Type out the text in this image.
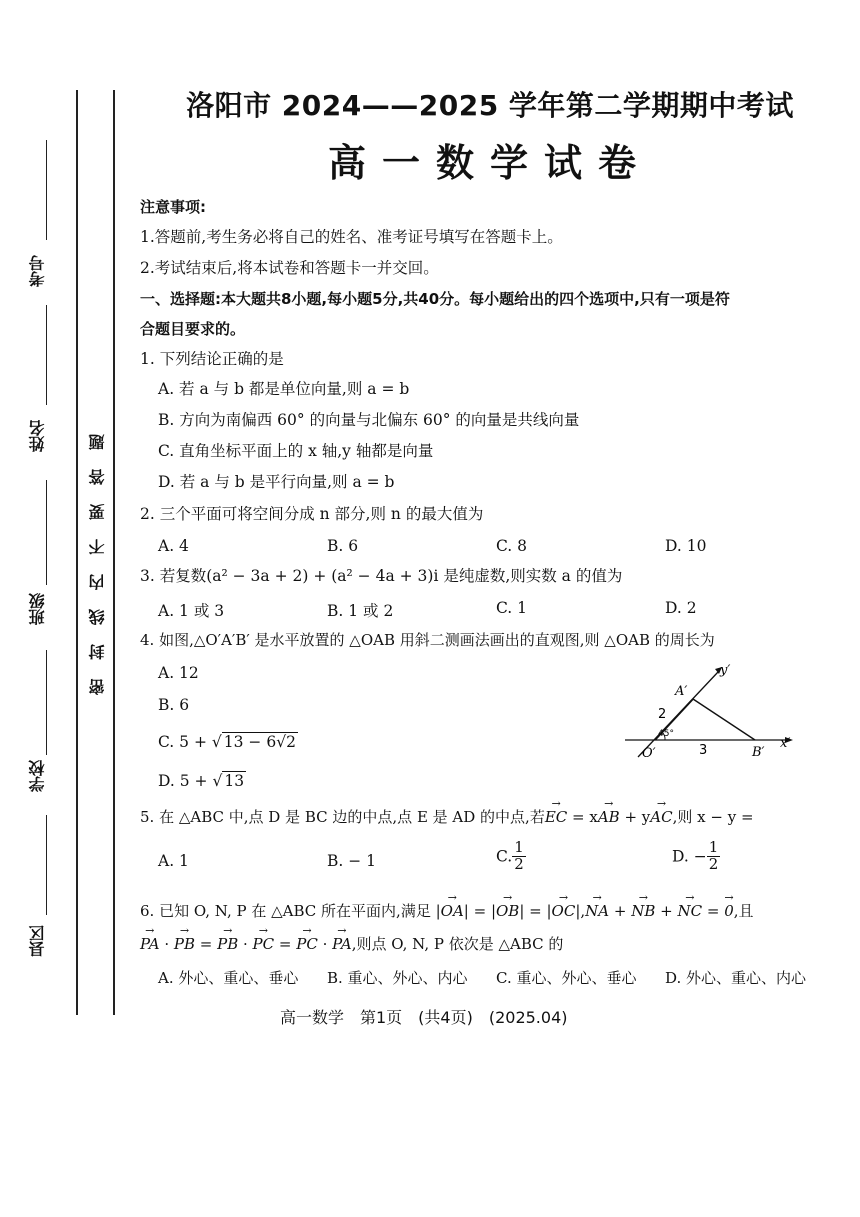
考号
姓名
班级
学校
县区
密封线内不要答题
洛阳市 2024——2025 学年第二学期期中考试
高一数学试卷
注意事项:
1.答题前,考生务必将自己的姓名、准考证号填写在答题卡上。
2.考试结束后,将本试卷和答题卡一并交回。
一、选择题:本大题共8小题,每小题5分,共40分。每小题给出的四个选项中,只有一项是符
合题目要求的。
1. 下列结论正确的是
A. 若 a 与 b 都是单位向量,则 a = b
B. 方向为南偏西 60° 的向量与北偏东 60° 的向量是共线向量
C. 直角坐标平面上的 x 轴,y 轴都是向量
D. 若 a 与 b 是平行向量,则 a = b
2. 三个平面可将空间分成 n 部分,则 n 的最大值为
A. 4	B. 6	C. 8	D. 10
3. 若复数(a² − 3a + 2) + (a² − 4a + 3)i 是纯虚数,则实数 a 的值为
A. 1 或 3	B. 1 或 2	C. 1	D. 2
4. 如图,△O′A′B′ 是水平放置的 △OAB 用斜二测画法画出的直观图,则 △OAB 的周长为
A. 12
B. 6
C. 5 + √ 13 − 6√2
D. 5 + √ 13
y′
A′
x′
O′	B′
2
3
45°
5. 在 △ABC 中,点 D 是 BC 边的中点,点 E 是 AD 的中点,若→ EC = x→ AB + y→ AC,则 x − y =
A. 1	B. − 1	C. $\frac{1}{2}$	D. − $\frac{1}{2}$
6. 已知 O, N, P 在 △ABC 所在平面内,满足 |→ OA| = |→ OB| = |→ OC|,→ NA + → NB + → NC = → 0,且
→ PA · → PB = → PB · → PC = → PC · → PA,则点 O, N, P 依次是 △ABC 的
A. 外心、重心、垂心 B. 重心、外心、内心 C. 重心、外心、垂心 D. 外心、重心、内心
高一数学　第1页　(共4页)　(2025.04)
